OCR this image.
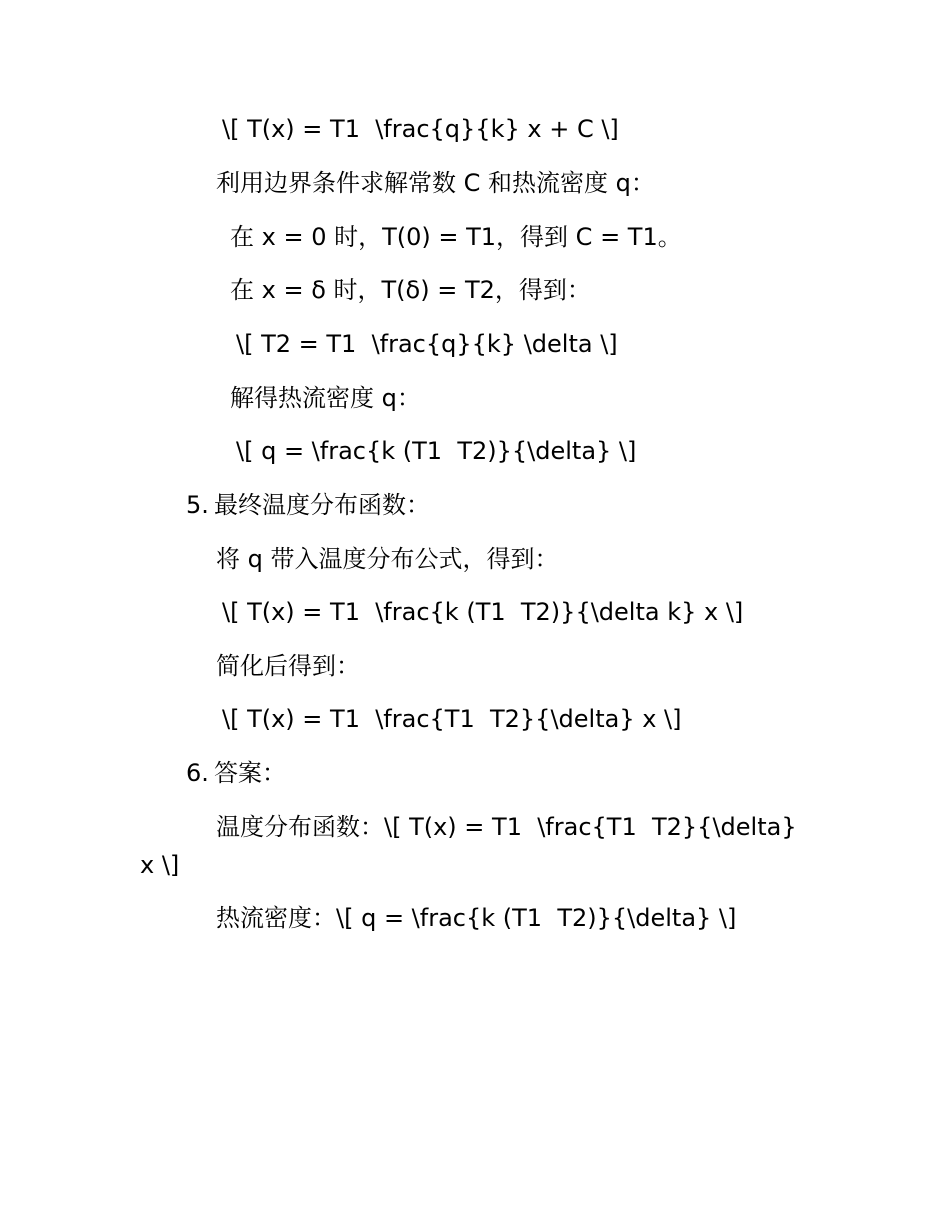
\[ T(x) = T1  \frac{q}{k} x + C \]
利用边界条件求解常数 C 和热流密度 q：
在 x = 0 时，T(0) = T1，得到 C = T1。
在 x = δ 时，T(δ) = T2，得到：
\[ T2 = T1  \frac{q}{k} \delta \]
解得热流密度 q：
\[ q = \frac{k (T1  T2)}{\delta} \]
5. 最终温度分布函数：
将 q 带入温度分布公式，得到：
\[ T(x) = T1  \frac{k (T1  T2)}{\delta k} x \]
简化后得到：
\[ T(x) = T1  \frac{T1  T2}{\delta} x \]
6. 答案：
温度分布函数：\[ T(x) = T1  \frac{T1  T2}{\delta}
x \]
热流密度：\[ q = \frac{k (T1  T2)}{\delta} \]
